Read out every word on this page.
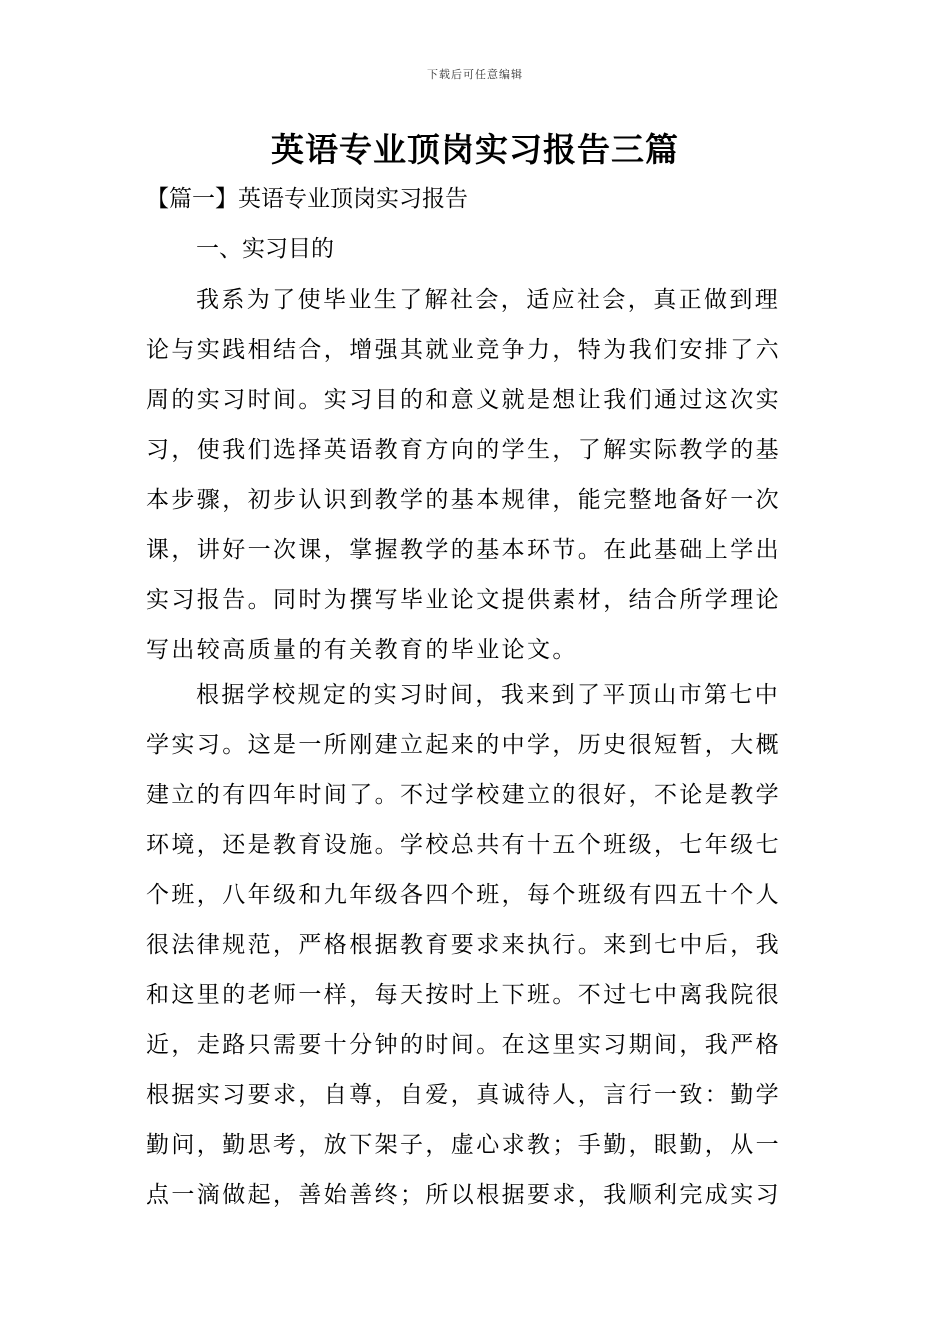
下载后可任意编辑
英语专业顶岗实习报告三篇
【篇一】英语专业顶岗实习报告
一、实习目的
我系为了使毕业生了解社会，适应社会，真正做到理
论与实践相结合，增强其就业竞争力，特为我们安排了六
周的实习时间。实习目的和意义就是想让我们通过这次实
习，使我们选择英语教育方向的学生，了解实际教学的基
本步骤，初步认识到教学的基本规律，能完整地备好一次
课，讲好一次课，掌握教学的基本环节。在此基础上学出
实习报告。同时为撰写毕业论文提供素材，结合所学理论
写出较高质量的有关教育的毕业论文。
根据学校规定的实习时间，我来到了平顶山市第七中
学实习。这是一所刚建立起来的中学，历史很短暂，大概
建立的有四年时间了。不过学校建立的很好，不论是教学
环境，还是教育设施。学校总共有十五个班级，七年级七
个班，八年级和九年级各四个班，每个班级有四五十个人
很法律规范，严格根据教育要求来执行。来到七中后，我
和这里的老师一样，每天按时上下班。不过七中离我院很
近，走路只需要十分钟的时间。在这里实习期间，我严格
根据实习要求，自尊，自爱，真诚待人，言行一致：勤学
勤问，勤思考，放下架子，虚心求教；手勤，眼勤，从一
点一滴做起，善始善终；所以根据要求，我顺利完成实习
